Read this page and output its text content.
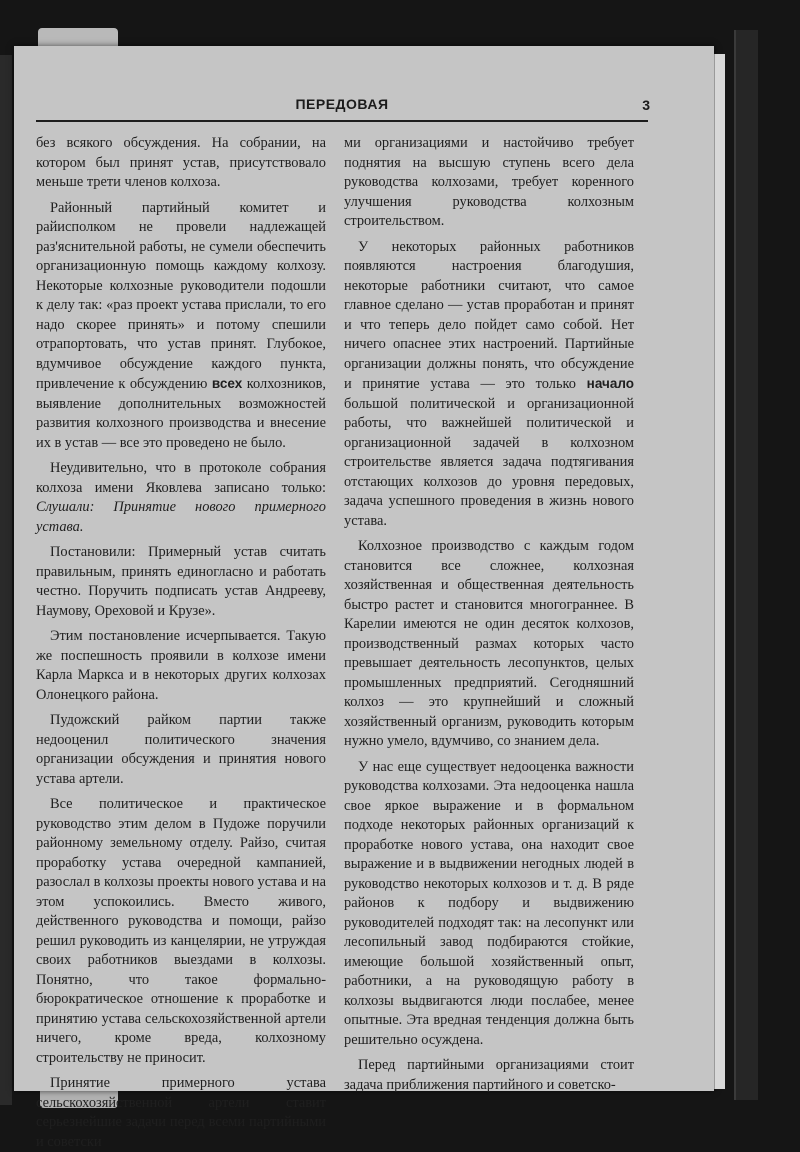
ПЕРЕДОВАЯ	3

без всякого обсуждения. На собрании, на котором был принят устав, присутствовало меньше трети членов колхоза.

Районный партийный комитет и райисполком не провели надлежащей раз'яснительной работы, не сумели обеспечить организационную помощь каждому колхозу. Некоторые колхозные руководители подошли к делу так: «раз проект устава прислали, то его надо скорее принять» и потому спешили отрапортовать, что устав принят. Глубокое, вдумчивое обсуждение каждого пункта, привлечение к обсуждению всех колхозников, выявление дополнительных возможностей развития колхозного производства и внесение их в устав — все это проведено не было.

Неудивительно, что в протоколе собрания колхоза имени Яковлева записано только: Слушали: Принятие нового примерного устава.

Постановили: Примерный устав считать правильным, принять единогласно и работать честно. Поручить подписать устав Андрееву, Наумову, Ореховой и Крузе».

Этим постановление исчерпывается. Такую же поспешность проявили в колхозе имени Карла Маркса и в некоторых других колхозах Олонецкого района.

Пудожский райком партии также недооценил политического значения организации обсуждения и принятия нового устава артели.

Все политическое и практическое руководство этим делом в Пудоже поручили районному земельному отделу. Райзо, считая проработку устава очередной кампанией, разослал в колхозы проекты нового устава и на этом успокоились. Вместо живого, действенного руководства и помощи, райзо решил руководить из канцелярии, не утруждая своих работников выездами в колхозы. Понятно, что такое формально-бюрократическое отношение к проработке и принятию устава сельскохозяйственной артели ничего, кроме вреда, колхозному строительству не приносит.

Принятие примерного устава сельскохозяйственной артели ставит серьезнейшие задачи перед всеми партийными и советски

ми организациями и настойчиво требует поднятия на высшую ступень всего дела руководства колхозами, требует коренного улучшения руководства колхозным строительством.

У некоторых районных работников появляются настроения благодушия, некоторые работники считают, что самое главное сделано — устав проработан и принят и что теперь дело пойдет само собой. Нет ничего опаснее этих настроений. Партийные организации должны понять, что обсуждение и принятие устава — это только начало большой политической и организационной работы, что важнейшей политической и организационной задачей в колхозном строительстве является задача подтягивания отстающих колхозов до уровня передовых, задача успешного проведения в жизнь нового устава.

Колхозное производство с каждым годом становится все сложнее, колхозная хозяйственная и общественная деятельность быстро растет и становится многограннее. В Карелии имеются не один десяток колхозов, производственный размах которых часто превышает деятельность лесопунктов, целых промышленных предприятий. Сегодняшний колхоз — это крупнейший и сложный хозяйственный организм, руководить которым нужно умело, вдумчиво, со знанием дела.

У нас еще существует недооценка важности руководства колхозами. Эта недооценка нашла свое яркое выражение и в формальном подходе некоторых районных организаций к проработке нового устава, она находит свое выражение и в выдвижении негодных людей в руководство некоторых колхозов и т. д. В ряде районов к подбору и выдвижению руководителей подходят так: на лесопункт или лесопильный завод подбираются стойкие, имеющие большой хозяйственный опыт, работники, а на руководящую работу в колхозы выдвигаются люди послабее, менее опытные. Эта вредная тенденция должна быть решительно осуждена.

Перед партийными организациями стоит задача приближения партийного и советско-
